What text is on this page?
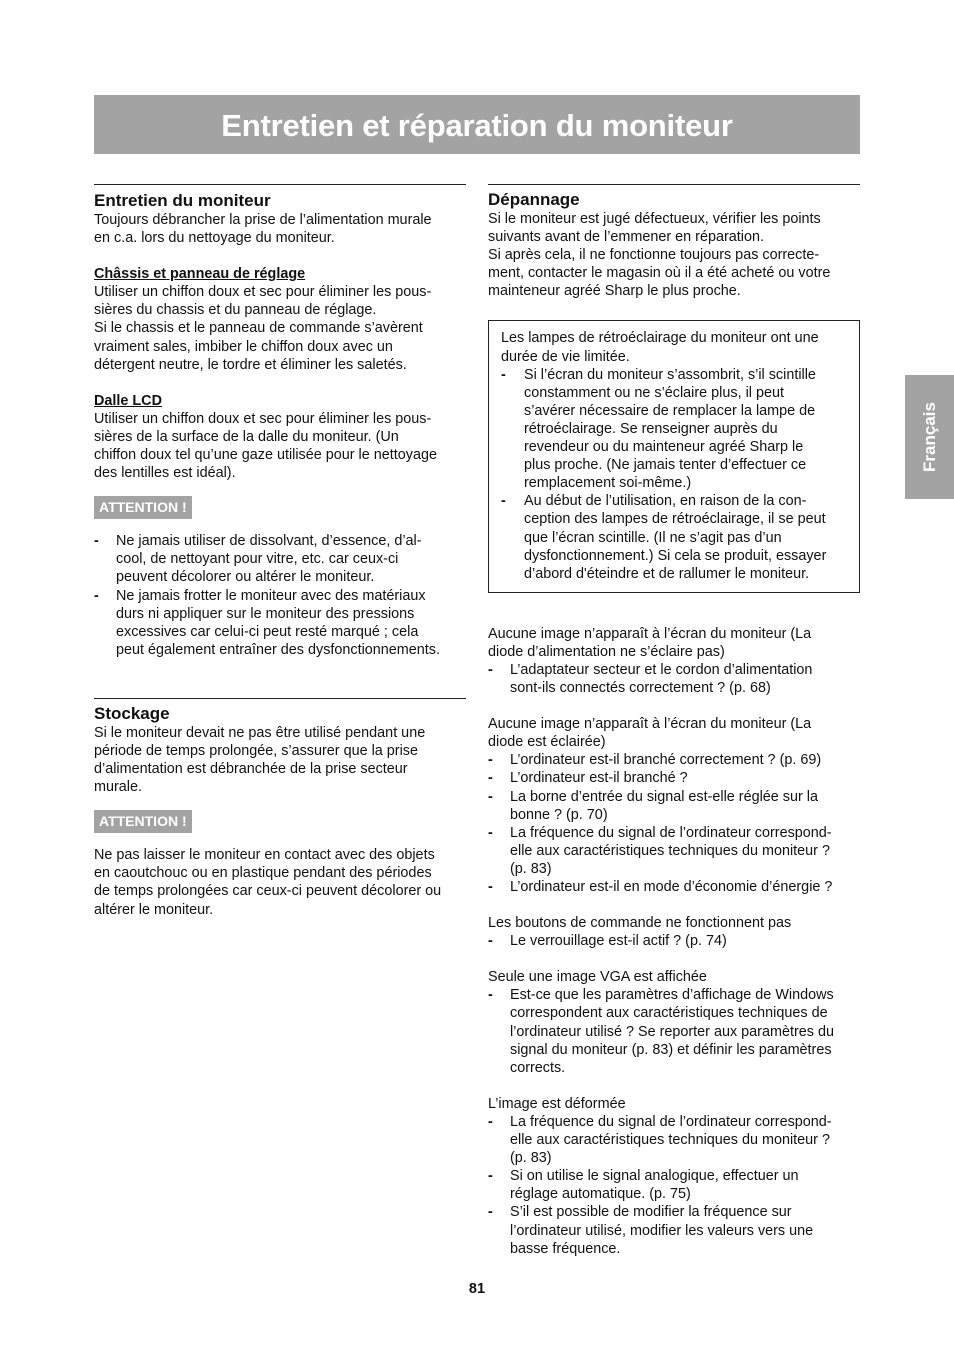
Entretien et réparation du moniteur
Français
Entretien du moniteur

Toujours débrancher la prise de l’alimentation murale
en c.a. lors du nettoyage du moniteur.

Châssis et panneau de réglage

Utiliser un chiffon doux et sec pour éliminer les pous-
sières du chassis et du panneau de réglage.
Si le chassis et le panneau de commande s’avèrent
vraiment sales, imbiber le chiffon doux avec un
détergent neutre, le tordre et éliminer les saletés.

Dalle LCD

Utiliser un chiffon doux et sec pour éliminer les pous-
sières de la surface de la dalle du moniteur. (Un
chiffon doux tel qu’une gaze utilisée pour le nettoyage
des lentilles est idéal).

ATTENTION !
- Ne jamais utiliser de dissolvant, d’essence, d’al-
cool, de nettoyant pour vitre, etc. car ceux-ci
peuvent décolorer ou altérer le moniteur.
- Ne jamais frotter le moniteur avec des matériaux
durs ni appliquer sur le moniteur des pressions
excessives car celui-ci peut resté marqué ; cela
peut également entraîner des dysfonctionnements.
Stockage

Si le moniteur devait ne pas être utilisé pendant une
période de temps prolongée, s’assurer que la prise
d’alimentation est débranchée de la prise secteur
murale.

ATTENTION !

Ne pas laisser le moniteur en contact avec des objets
en caoutchouc ou en plastique pendant des périodes
de temps prolongées car ceux-ci peuvent décolorer ou
altérer le moniteur.

Dépannage

Si le moniteur est jugé défectueux, vérifier les points
suivants avant de l’emmener en réparation.
Si après cela, il ne fonctionne toujours pas correcte-
ment, contacter le magasin où il a été acheté ou votre
mainteneur agréé Sharp le plus proche.

Les lampes de rétroéclairage du moniteur ont une
durée de vie limitée.

- Si l’écran du moniteur s’assombrit, s’il scintille
constamment ou ne s’éclaire plus, il peut
s’avérer nécessaire de remplacer la lampe de
rétroéclairage. Se renseigner auprès du
revendeur ou du mainteneur agréé Sharp le
plus proche. (Ne jamais tenter d’effectuer ce
remplacement soi-même.)
- Au début de l’utilisation, en raison de la con-
ception des lampes de rétroéclairage, il se peut
que l’écran scintille. (Il ne s’agit pas d’un
dysfonctionnement.) Si cela se produit, essayer
d’abord d'éteindre et de rallumer le moniteur.

Aucune image n’apparaît à l’écran du moniteur (La
diode d’alimentation ne s’éclaire pas)

- L’adaptateur secteur et le cordon d’alimentation
sont-ils connectés correctement ? (p. 68)

Aucune image n’apparaît à l’écran du moniteur (La
diode est éclairée)

- L’ordinateur est-il branché correctement ? (p. 69)
- L’ordinateur est-il branché ?
- La borne d’entrée du signal est-elle réglée sur la
bonne ? (p. 70)
- La fréquence du signal de l’ordinateur correspond-
elle aux caractéristiques techniques du moniteur ?
(p. 83)
- L’ordinateur est-il en mode d’économie d’énergie ?

Les boutons de commande ne fonctionnent pas

- Le verrouillage est-il actif ? (p. 74)

Seule une image VGA est affichée

- Est-ce que les paramètres d’affichage de Windows
correspondent aux caractéristiques techniques de
l’ordinateur utilisé ? Se reporter aux paramètres du
signal du moniteur (p. 83) et définir les paramètres
corrects.

L’image est déformée

- La fréquence du signal de l’ordinateur correspond-
elle aux caractéristiques techniques du moniteur ?
(p. 83)
- Si on utilise le signal analogique, effectuer un
réglage automatique. (p. 75)
- S’il est possible de modifier la fréquence sur
l’ordinateur utilisé, modifier les valeurs vers une
basse fréquence.
81
